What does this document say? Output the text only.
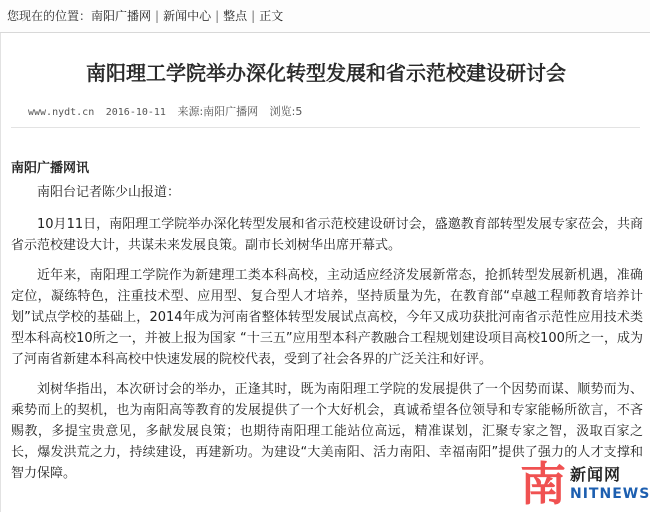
您现在的位置：南阳广播网 | 新闻中心 | 整点 | 正文
南阳理工学院举办深化转型发展和省示范校建设研讨会
www.nydt.cn 2016-10-11 来源:南阳广播网 浏览:5

南阳广播网讯

南阳台记者陈少山报道：

10月11日，南阳理工学院举办深化转型发展和省示范校建设研讨会，盛邀教育部转型发展专家莅会，共商省示范校建设大计，共谋未来发展良策。副市长刘树华出席开幕式。

近年来，南阳理工学院作为新建理工类本科高校，主动适应经济发展新常态，抢抓转型发展新机遇，准确定位，凝练特色，注重技术型、应用型、复合型人才培养，坚持质量为先，在教育部“卓越工程师教育培养计划”试点学校的基础上，2014年成为河南省整体转型发展试点高校，今年又成功获批河南省示范性应用技术类型本科高校10所之一，并被上报为国家 “十三五”应用型本科产教融合工程规划建设项目高校100所之一，成为了河南省新建本科高校中快速发展的院校代表，受到了社会各界的广泛关注和好评。

刘树华指出，本次研讨会的举办，正逢其时，既为南阳理工学院的发展提供了一个因势而谋、顺势而为、乘势而上的契机，也为南阳高等教育的发展提供了一个大好机会，真诚希望各位领导和专家能畅所欲言，不吝赐教，多提宝贵意见，多献发展良策；也期待南阳理工能站位高远，精准谋划，汇聚专家之智，汲取百家之长，爆发洪荒之力，持续建设，再建新功。为建设“大美南阳、活力南阳、幸福南阳”提供了强力的人才支撑和智力保障。	南 新闻网
NITNEWS
